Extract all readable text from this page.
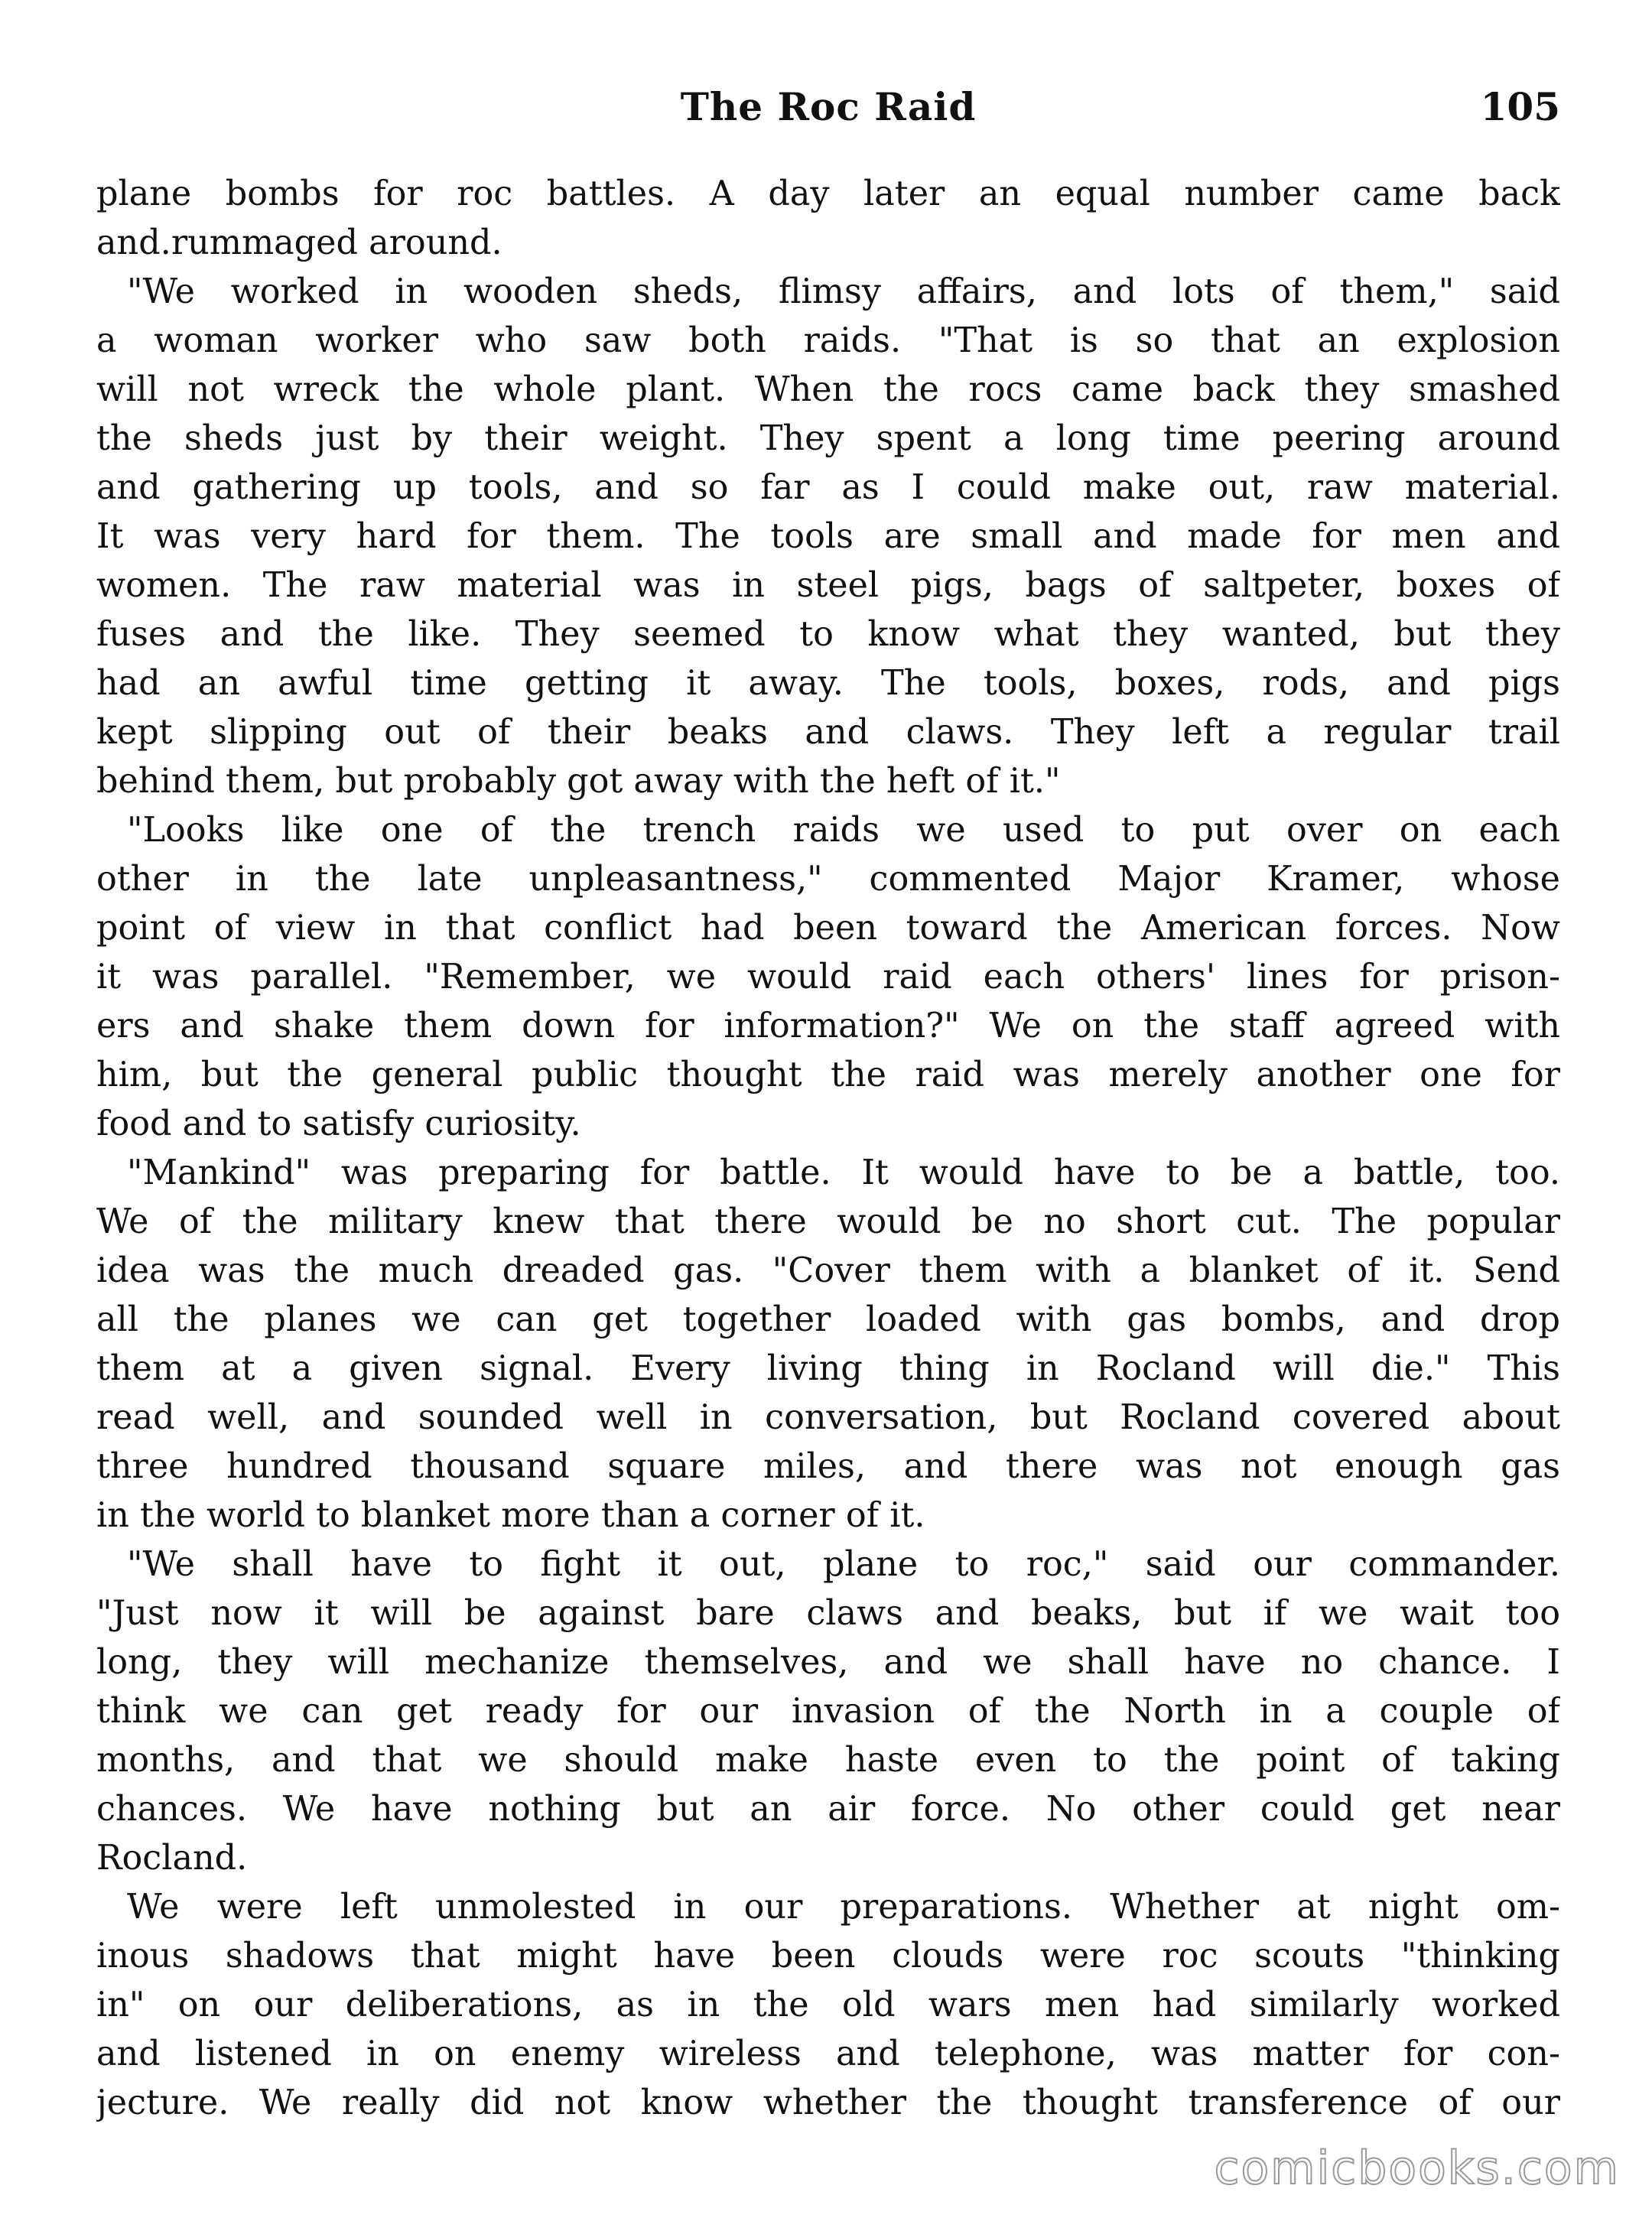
The Roc Raid	105
plane bombs for roc battles. A day later an equal number came back
and.rummaged around.
"We worked in wooden sheds, flimsy affairs, and lots of them," said
a woman worker who saw both raids. "That is so that an explosion
will not wreck the whole plant. When the rocs came back they smashed
the sheds just by their weight. They spent a long time peering around
and gathering up tools, and so far as I could make out, raw material.
It was very hard for them. The tools are small and made for men and
women. The raw material was in steel pigs, bags of saltpeter, boxes of
fuses and the like. They seemed to know what they wanted, but they
had an awful time getting it away. The tools, boxes, rods, and pigs
kept slipping out of their beaks and claws. They left a regular trail
behind them, but probably got away with the heft of it."
"Looks like one of the trench raids we used to put over on each
other in the late unpleasantness," commented Major Kramer, whose
point of view in that conflict had been toward the American forces. Now
it was parallel. "Remember, we would raid each others' lines for prison-
ers and shake them down for information?" We on the staff agreed with
him, but the general public thought the raid was merely another one for
food and to satisfy curiosity.
"Mankind" was preparing for battle. It would have to be a battle, too.
We of the military knew that there would be no short cut. The popular
idea was the much dreaded gas. "Cover them with a blanket of it. Send
all the planes we can get together loaded with gas bombs, and drop
them at a given signal. Every living thing in Rocland will die." This
read well, and sounded well in conversation, but Rocland covered about
three hundred thousand square miles, and there was not enough gas
in the world to blanket more than a corner of it.
"We shall have to fight it out, plane to roc," said our commander.
"Just now it will be against bare claws and beaks, but if we wait too
long, they will mechanize themselves, and we shall have no chance. I
think we can get ready for our invasion of the North in a couple of
months, and that we should make haste even to the point of taking
chances. We have nothing but an air force. No other could get near
Rocland.
We were left unmolested in our preparations. Whether at night om-
inous shadows that might have been clouds were roc scouts "thinking
in" on our deliberations, as in the old wars men had similarly worked
and listened in on enemy wireless and telephone, was matter for con-
jecture. We really did not know whether the thought transference of our
comicbooks.com
